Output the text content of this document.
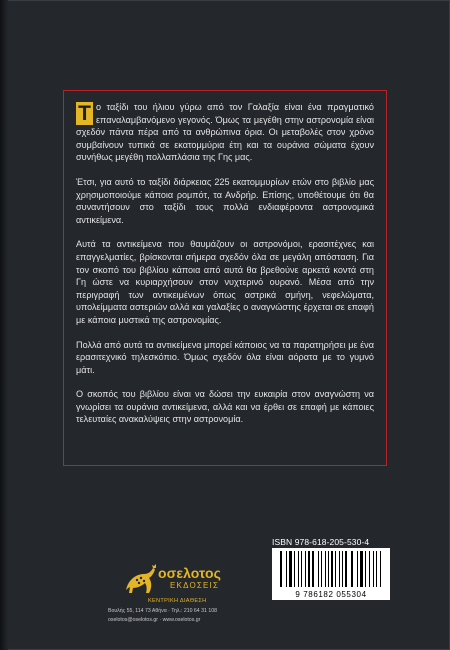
Τ ο ταξίδι του ήλιου γύρω από τον Γαλαξία είναι ένα πραγματικό επαναλαμβανόμενο γεγονός. Όμως τα μεγέθη στην αστρονομία είναι σχεδόν πάντα πέρα από τα ανθρώπινα όρια. Οι μεταβολές στον χρόνο συμβαίνουν τυπικά σε εκατομμύρια έτη και τα ουράνια σώματα έχουν συνήθως μεγέθη πολλαπλάσια της Γης μας.

Έτσι, για αυτό το ταξίδι διάρκειας 225 εκατομμυρίων ετών στο βιβλίο μας χρησιμοποιούμε κάποια ρομπότ, τα Ανδρήρ. Επίσης, υποθέτουμε ότι θα συναντήσουν στο ταξίδι τους πολλά ενδιαφέροντα αστρονομικά αντικείμενα.

Αυτά τα αντικείμενα που θαυμάζουν οι αστρονόμοι, ερασιτέχνες και επαγγελματίες, βρίσκονται σήμερα σχεδόν όλα σε μεγάλη απόσταση. Για τον σκοπό του βιβλίου κάποια από αυτά θα βρεθούνε αρκετά κοντά στη Γη ώστε να κυριαρχήσουν στον νυχτερινό ουρανό. Μέσα από την περιγραφή των αντικειμένων όπως αστρικά σμήνη, νεφελώματα, υπολείμματα αστεριών αλλά και γαλαξίες ο αναγνώστης έρχεται σε επαφή με κάποια μυστικά της αστρονομίας.

Πολλά από αυτά τα αντικείμενα μπορεί κάποιος να τα παρατηρήσει με ένα ερασιτεχνικό τηλεσκόπιο. Όμως σχεδόν όλα είναι αόρατα με το γυμνό μάτι.

Ο σκοπός του βιβλίου είναι να δώσει την ευκαιρία στον αναγνώστη να γνωρίσει τα ουράνια αντικείμενα, αλλά και να έρθει σε επαφή με κάποιες τελευταίες ανακαλύψεις στην αστρονομία.

οσελοτος
ΕΚΔΟΣΕΙΣ
ΚΕΝΤΡΙΚΗ ΔΙΑΘΕΣΗ
Βουλής 55, 114 73 Αθήνα · Τηλ.: 210 64 31 108
oselotos@oselotos.gr · www.oselotos.gr
ISBN 978-618-205-530-4
9 786182 055304
